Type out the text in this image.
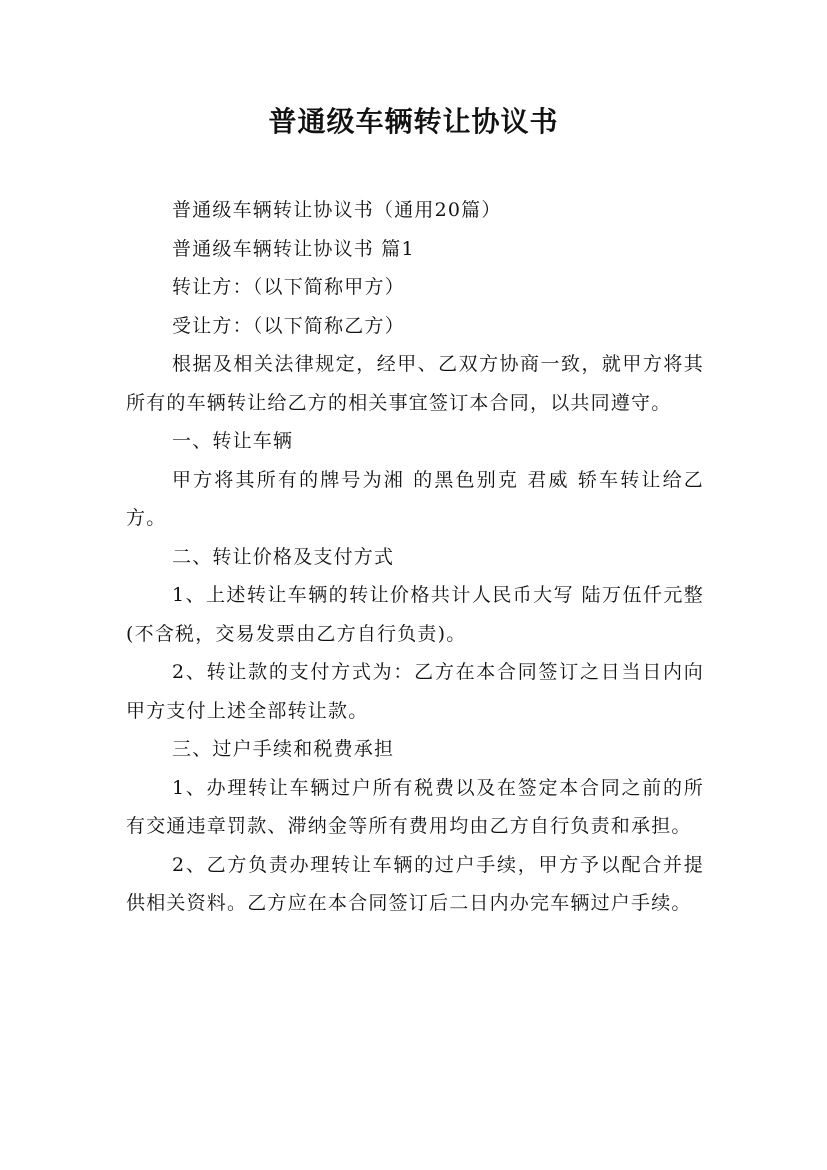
普通级车辆转让协议书

普通级车辆转让协议书（通用20篇）

普通级车辆转让协议书 篇1

转让方：（以下简称甲方）

受让方：（以下简称乙方）

根据及相关法律规定，经甲、乙双方协商一致，就甲方将其所有的车辆转让给乙方的相关事宜签订本合同，以共同遵守。

一、转让车辆

甲方将其所有的牌号为湘 的黑色别克 君威 轿车转让给乙方。

二、转让价格及支付方式

1、上述转让车辆的转让价格共计人民币大写 陆万伍仟元整(不含税，交易发票由乙方自行负责)。

2、转让款的支付方式为：乙方在本合同签订之日当日内向甲方支付上述全部转让款。

三、过户手续和税费承担

1、办理转让车辆过户所有税费以及在签定本合同之前的所有交通违章罚款、滞纳金等所有费用均由乙方自行负责和承担。

2、乙方负责办理转让车辆的过户手续，甲方予以配合并提供相关资料。乙方应在本合同签订后二日内办完车辆过户手续。
